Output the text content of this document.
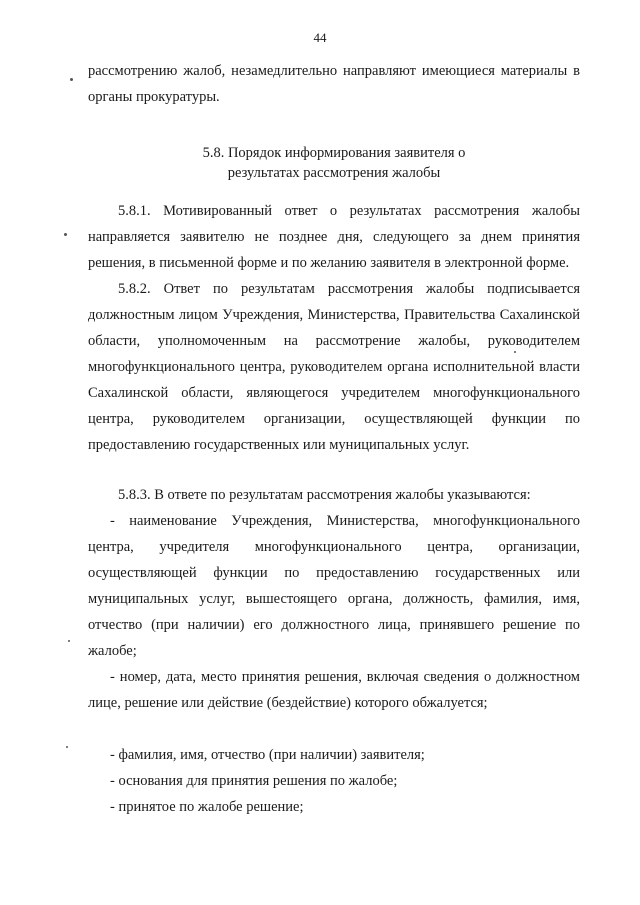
44

рассмотрению жалоб, незамедлительно направляют имеющиеся материалы в органы прокуратуры.

5.8. Порядок информирования заявителя о
результатах рассмотрения жалобы

5.8.1. Мотивированный ответ о результатах рассмотрения жалобы направляется заявителю не позднее дня, следующего за днем принятия решения, в письменной форме и по желанию заявителя в электронной форме.

5.8.2. Ответ по результатам рассмотрения жалобы подписывается должностным лицом Учреждения, Министерства, Правительства Сахалинской области, уполномоченным на рассмотрение жалобы, руководителем многофункционального центра, руководителем органа исполнительной власти Сахалинской области, являющегося учредителем многофункционального центра, руководителем организации, осуществляющей функции по предоставлению государственных или муниципальных услуг.

5.8.3. В ответе по результатам рассмотрения жалобы указываются:

- наименование Учреждения, Министерства, многофункционального центра, учредителя многофункционального центра, организации, осуществляющей функции по предоставлению государственных или муниципальных услуг, вышестоящего органа, должность, фамилия, имя, отчество (при наличии) его должностного лица, принявшего решение по жалобе;

- номер, дата, место принятия решения, включая сведения о должностном лице, решение или действие (бездействие) которого обжалуется;

- фамилия, имя, отчество (при наличии) заявителя;

- основания для принятия решения по жалобе;

- принятое по жалобе решение;
